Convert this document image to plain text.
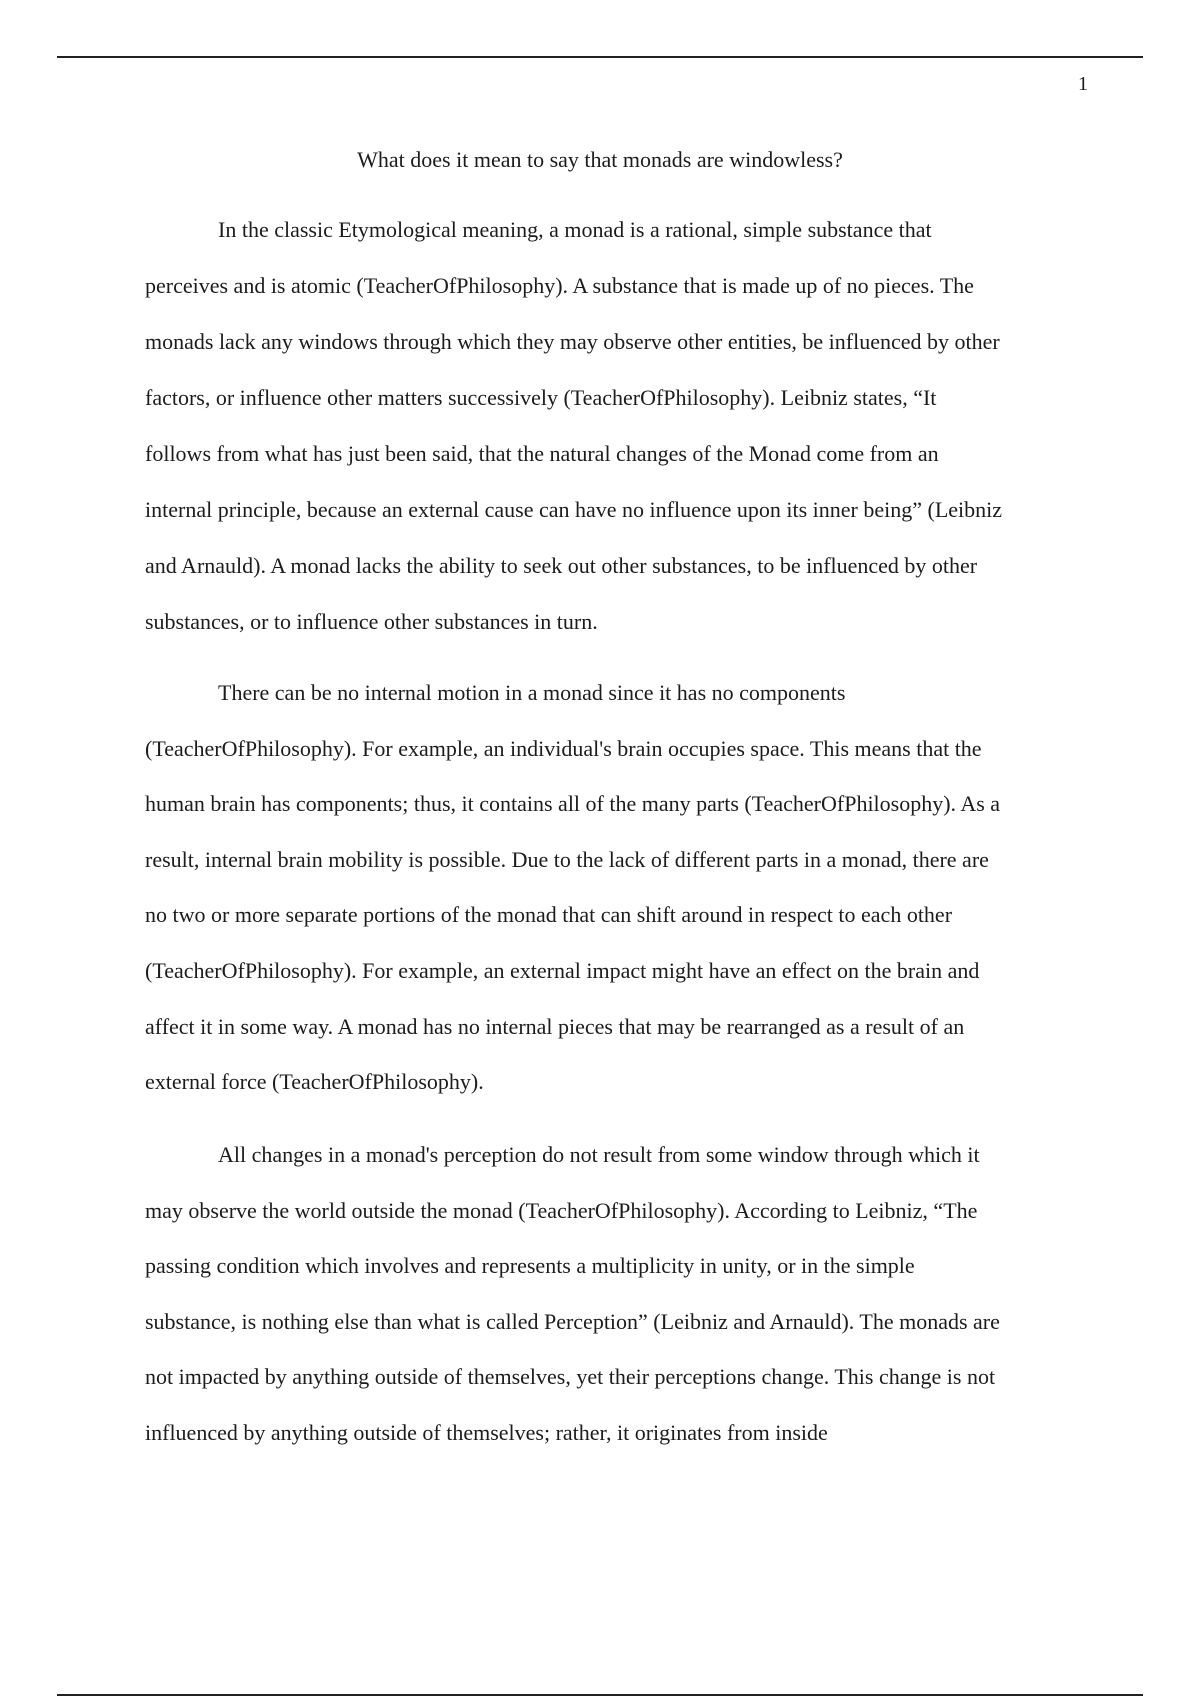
1
What does it mean to say that monads are windowless?
In the classic Etymological meaning, a monad is a rational, simple substance that
perceives and is atomic (TeacherOfPhilosophy). A substance that is made up of no pieces. The
monads lack any windows through which they may observe other entities, be influenced by other
factors, or influence other matters successively (TeacherOfPhilosophy). Leibniz states, “It
follows from what has just been said, that the natural changes of the Monad come from an
internal principle, because an external cause can have no influence upon its inner being” (Leibniz
and Arnauld). A monad lacks the ability to seek out other substances, to be influenced by other
substances, or to influence other substances in turn.
There can be no internal motion in a monad since it has no components
(TeacherOfPhilosophy). For example, an individual's brain occupies space. This means that the
human brain has components; thus, it contains all of the many parts (TeacherOfPhilosophy). As a
result, internal brain mobility is possible. Due to the lack of different parts in a monad, there are
no two or more separate portions of the monad that can shift around in respect to each other
(TeacherOfPhilosophy). For example, an external impact might have an effect on the brain and
affect it in some way. A monad has no internal pieces that may be rearranged as a result of an
external force (TeacherOfPhilosophy).
All changes in a monad's perception do not result from some window through which it
may observe the world outside the monad (TeacherOfPhilosophy). According to Leibniz, “The
passing condition which involves and represents a multiplicity in unity, or in the simple
substance, is nothing else than what is called Perception” (Leibniz and Arnauld). The monads are
not impacted by anything outside of themselves, yet their perceptions change. This change is not
influenced by anything outside of themselves; rather, it originates from inside
